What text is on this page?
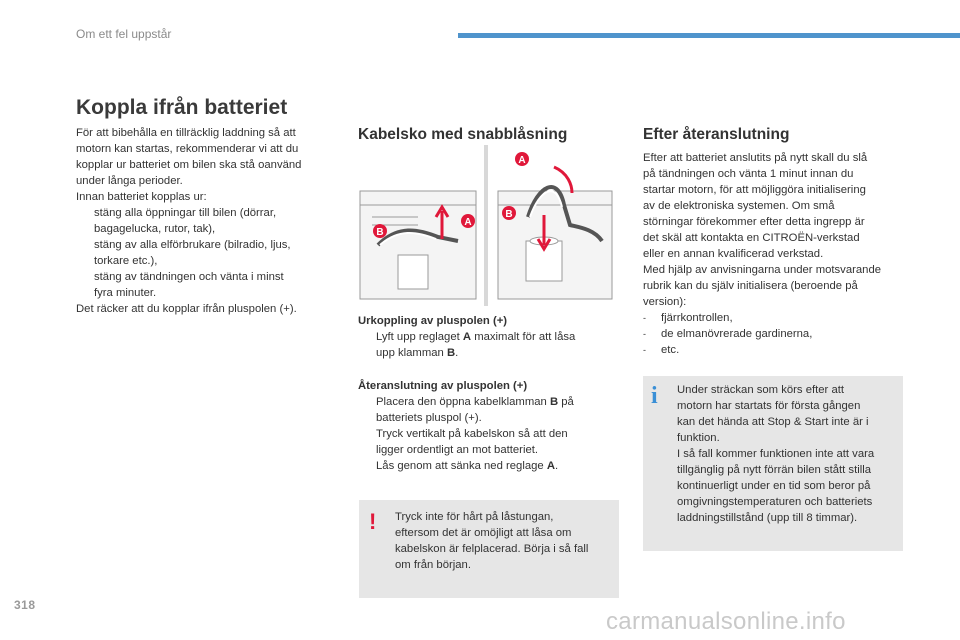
Om ett fel uppstår
Koppla ifrån batteriet
För att bibehålla en tillräcklig laddning så att
motorn kan startas, rekommenderar vi att du
kopplar ur batteriet om bilen ska stå oanvänd
under långa perioder.
Innan batteriet kopplas ur:
stäng alla öppningar till bilen (dörrar,
bagagelucka, rutor, tak),
stäng av alla elförbrukare (bilradio, ljus,
torkare etc.),
stäng av tändningen och vänta i minst
fyra minuter.
Det räcker att du kopplar ifrån pluspolen (+).
Kabelsko med snabblåsning
B
A
A
B
Urkoppling av pluspolen (+)
Lyft upp reglaget A maximalt för att låsa
upp klamman B.
Återanslutning av pluspolen (+)
Placera den öppna kabelklamman B på
batteriets pluspol (+).
Tryck vertikalt på kabelskon så att den
ligger ordentligt an mot batteriet.
Lås genom att sänka ned reglage A.
! Tryck inte för hårt på låstungan,
eftersom det är omöjligt att låsa om
kabelskon är felplacerad. Börja i så fall
om från början.
Efter återanslutning
Efter att batteriet anslutits på nytt skall du slå
på tändningen och vänta 1 minut innan du
startar motorn, för att möjliggöra initialisering
av de elektroniska systemen. Om små
störningar förekommer efter detta ingrepp är
det skäl att kontakta en CITROËN-verkstad
eller en annan kvalificerad verkstad.
Med hjälp av anvisningarna under motsvarande
rubrik kan du själv initialisera (beroende på
version):
-	fjärrkontrollen,
-	de elmanövrerade gardinerna,
-	etc.
i Under sträckan som körs efter att
motorn har startats för första gången
kan det hända att Stop & Start inte är i
funktion.
I så fall kommer funktionen inte att vara
tillgänglig på nytt förrän bilen stått stilla
kontinuerligt under en tid som beror på
omgivningstemperaturen och batteriets
laddningstillstånd (upp till 8 timmar).
318
carmanualsonline.info
